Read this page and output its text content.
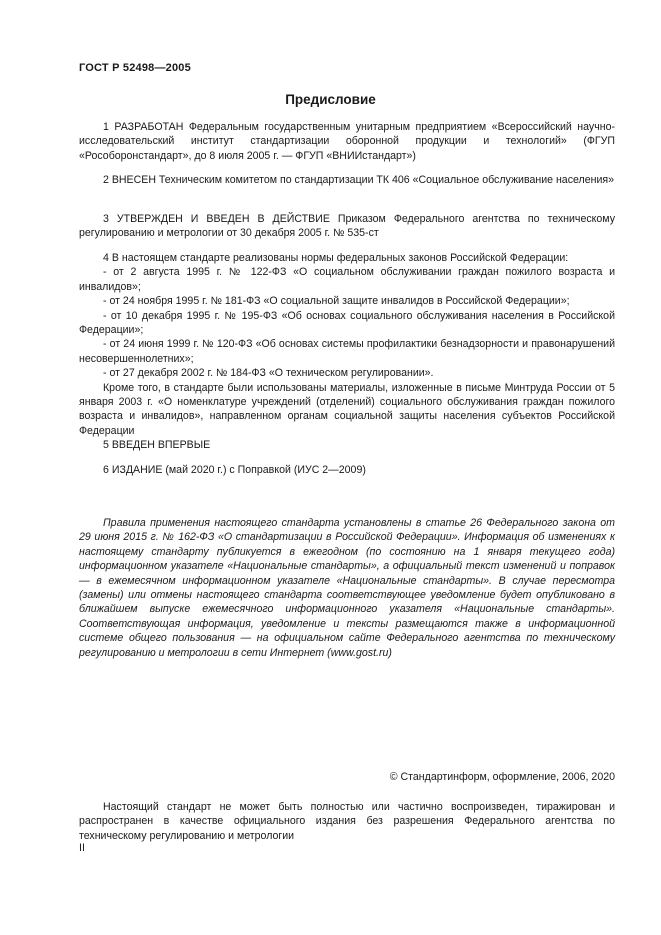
ГОСТ Р 52498—2005
Предисловие
1 РАЗРАБОТАН Федеральным государственным унитарным предприятием «Всероссийский научно-исследовательский институт стандартизации оборонной продукции и технологий» (ФГУП «Рособоронстандарт», до 8 июля 2005 г. — ФГУП «ВНИИстандарт»)
2 ВНЕСЕН Техническим комитетом по стандартизации ТК 406 «Социальное обслуживание населения»
3 УТВЕРЖДЕН И ВВЕДЕН В ДЕЙСТВИЕ Приказом Федерального агентства по техническому регулированию и метрологии от 30 декабря 2005 г. № 535-ст

4 В настоящем стандарте реализованы нормы федеральных законов Российской Федерации:

- от 2 августа 1995 г. № 122-ФЗ «О социальном обслуживании граждан пожилого возраста и инвалидов»;

- от 24 ноября 1995 г. № 181-ФЗ «О социальной защите инвалидов в Российской Федерации»;

- от 10 декабря 1995 г. № 195-ФЗ «Об основах социального обслуживания населения в Российской Федерации»;

- от 24 июня 1999 г. № 120-ФЗ «Об основах системы профилактики безнадзорности и правонарушений несовершеннолетних»;

- от 27 декабря 2002 г. № 184-ФЗ «О техническом регулировании».

Кроме того, в стандарте были использованы материалы, изложенные в письме Минтруда России от 5 января 2003 г. «О номенклатуре учреждений (отделений) социального обслуживания граждан пожилого возраста и инвалидов», направленном органам социальной защиты населения субъектов Российской Федерации

5 ВВЕДЕН ВПЕРВЫЕ
6 ИЗДАНИЕ (май 2020 г.) с Поправкой (ИУС 2—2009)
Правила применения настоящего стандарта установлены в статье 26 Федерального закона от 29 июня 2015 г. № 162-ФЗ «О стандартизации в Российской Федерации». Информация об изменениях к настоящему стандарту публикуется в ежегодном (по состоянию на 1 января текущего года) информационном указателе «Национальные стандарты», а официальный текст изменений и поправок — в ежемесячном информационном указателе «Национальные стандарты». В случае пересмотра (замены) или отмены настоящего стандарта соответствующее уведомление будет опубликовано в ближайшем выпуске ежемесячного информационного указателя «Национальные стандарты». Соответствующая информация, уведомление и тексты размещаются также в информационной системе общего пользования — на официальном сайте Федерального агентства по техническому регулированию и метрологии в сети Интернет (www.gost.ru)
© Стандартинформ, оформление, 2006, 2020
Настоящий стандарт не может быть полностью или частично воспроизведен, тиражирован и распространен в качестве официального издания без разрешения Федерального агентства по техническому регулированию и метрологии
II
